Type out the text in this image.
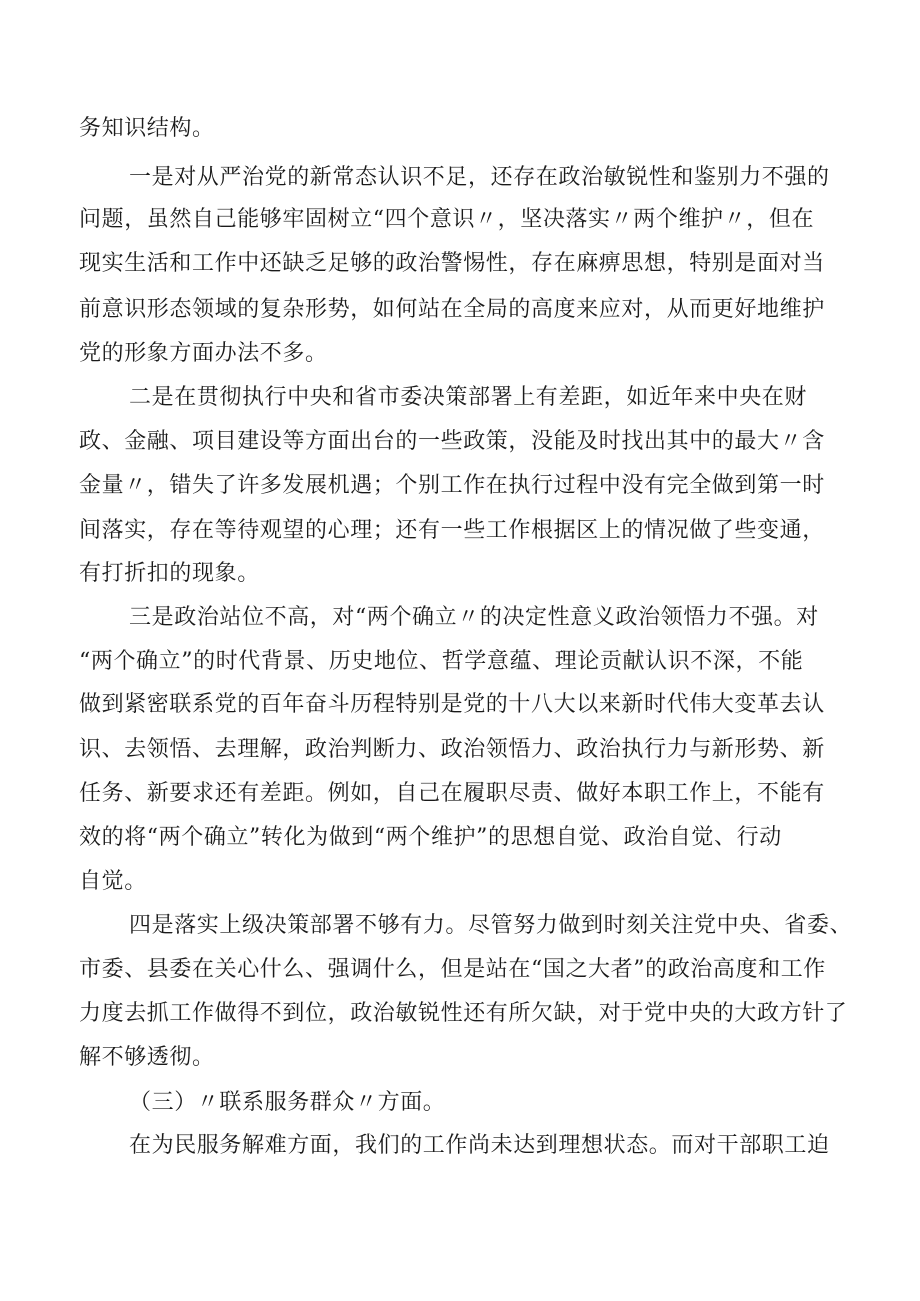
务知识结构。
一是对从严治党的新常态认识不足，还存在政治敏锐性和鉴别力不强的
问题，虽然自己能够牢固树立“四个意识〃，坚决落实〃两个维护〃，但在
现实生活和工作中还缺乏足够的政治警惕性，存在麻痹思想，特别是面对当
前意识形态领域的复杂形势，如何站在全局的高度来应对，从而更好地维护
党的形象方面办法不多。
二是在贯彻执行中央和省市委决策部署上有差距，如近年来中央在财
政、金融、项目建设等方面出台的一些政策，没能及时找出其中的最大〃含
金量〃，错失了许多发展机遇；个别工作在执行过程中没有完全做到第一时
间落实，存在等待观望的心理；还有一些工作根据区上的情况做了些变通，
有打折扣的现象。
三是政治站位不高，对“两个确立〃的决定性意义政治领悟力不强。对
“两个确立”的时代背景、历史地位、哲学意蕴、理论贡献认识不深，不能
做到紧密联系党的百年奋斗历程特别是党的十八大以来新时代伟大变革去认
识、去领悟、去理解，政治判断力、政治领悟力、政治执行力与新形势、新
任务、新要求还有差距。例如，自己在履职尽责、做好本职工作上，不能有
效的将“两个确立”转化为做到“两个维护”的思想自觉、政治自觉、行动
自觉。
四是落实上级决策部署不够有力。尽管努力做到时刻关注党中央、省委、
市委、县委在关心什么、强调什么，但是站在“国之大者”的政治高度和工作
力度去抓工作做得不到位，政治敏锐性还有所欠缺，对于党中央的大政方针了
解不够透彻。
（三）〃联系服务群众〃方面。
在为民服务解难方面，我们的工作尚未达到理想状态。而对干部职工迫
